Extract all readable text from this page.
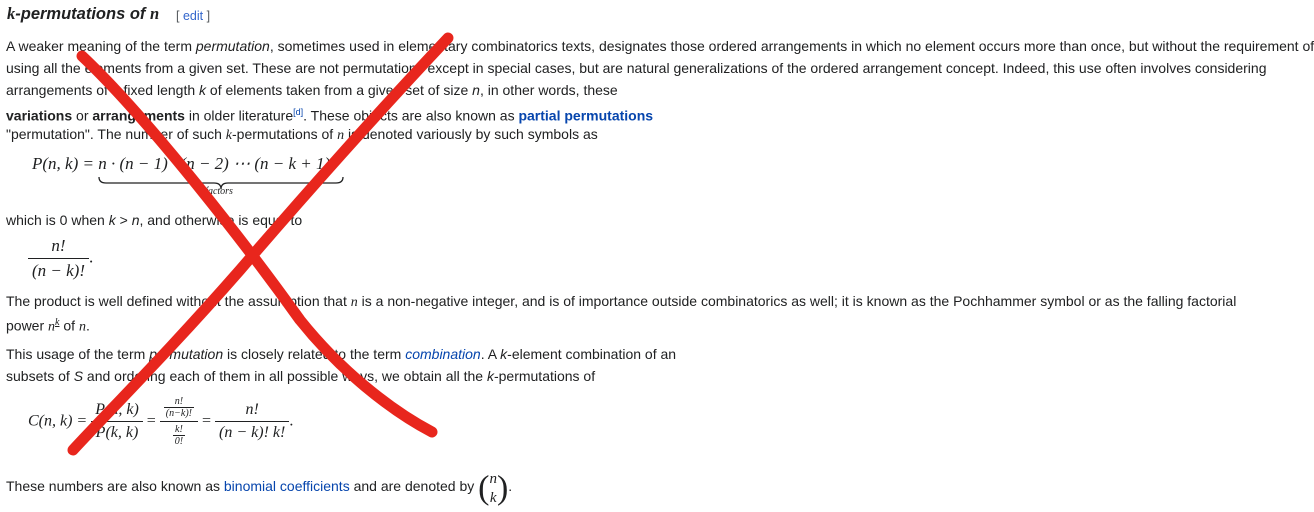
k-permutations of n [ edit ]
A weaker meaning of the term permutation, sometimes used in elementary combinatorics texts, designates those ordered arrangements in which no element occurs more than once, but without the requirement of
using all the elements from a given set. These are not permutations except in special cases, but are natural generalizations of the ordered arrangement concept. Indeed, this use often involves considering
arrangements of a fixed length k of elements taken from a given set of size n, in other words, these
variations or arrangements in older literature[d]. These objects are also known as partial permutations
"permutation". The number of such k-permutations of n is denoted variously by such symbols as
P(n, k) = n · (n − 1) · (n − 2) ⋯ (n − k + 1)
k factors
,
which is 0 when k > n, and otherwise is equal to
$\frac{n!}{(n - k)!}$ .
The product is well defined without the assumption that n is a non-negative integer, and is of importance outside combinatorics as well; it is known as the Pochhammer symbol or as the falling factorial
power $n^k$ of n.
This usage of the term permutation is closely related to the term combination. A k-element combination of an
subsets of S and ordering each of them in all possible ways, we obtain all the k-permutations of
C(n, $k) = \frac{P(n, k)}{P(k, k)} = \frac{\frac{n!}{(n-k)!}}{\frac{k!}{0!}} = \frac{n!}{(n - k)! k!}$ .
These numbers are also known as binomial coefficients and are denoted by ( n
k ).
